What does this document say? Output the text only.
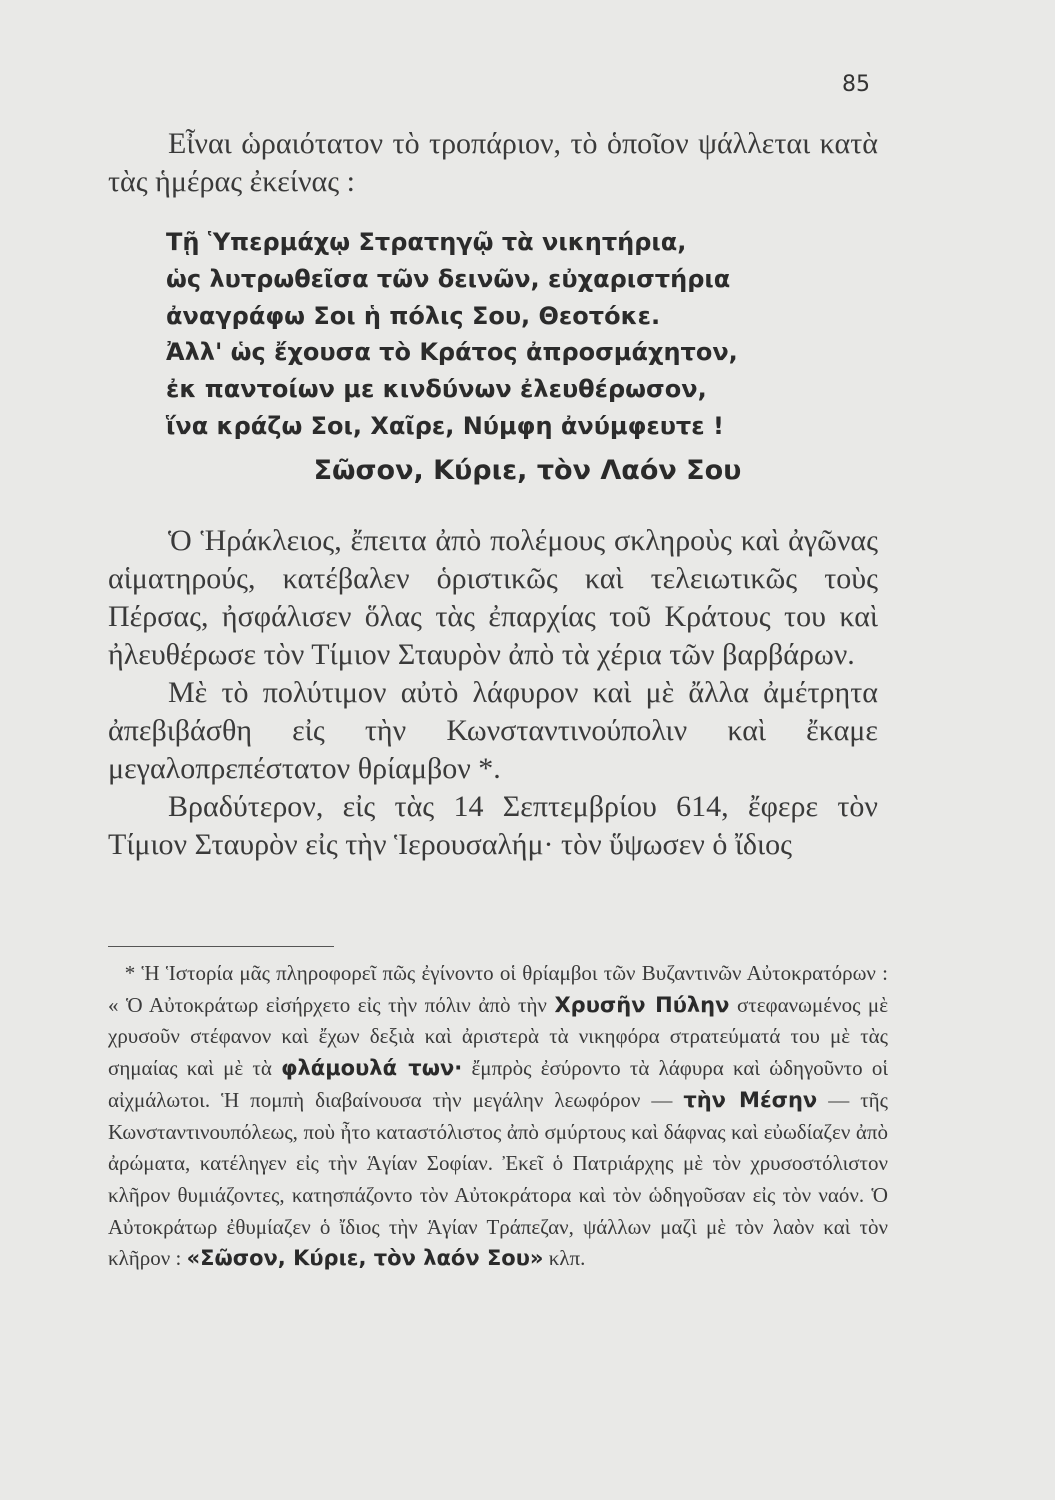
85

Εἶναι ὡραιότατον τὸ τροπάριον, τὸ ὁποῖον ψάλλεται κατὰ τὰς ἡμέρας ἐκείνας :

Τῇ Ὑπερμάχῳ Στρατηγῷ τὰ νικητήρια,
ὡς λυτρωθεῖσα τῶν δεινῶν, εὐχαριστήρια
ἀναγράφω Σοι ἡ πόλις Σου, Θεοτόκε.
Ἀλλ' ὡς ἔχουσα τὸ Κράτος ἀπροσμάχητον,
ἐκ παντοίων με κινδύνων ἐλευθέρωσον,
ἵνα κράζω Σοι, Χαῖρε, Νύμφη ἀνύμφευτε !
Σῶσον, Κύριε, τὸν Λαόν Σου

Ὁ Ἡράκλειος, ἔπειτα ἀπὸ πολέμους σκληροὺς καὶ ἀγῶνας αἱματηρούς, κατέβαλεν ὁριστικῶς καὶ τελειωτικῶς τοὺς Πέρσας, ἠσφάλισεν ὅλας τὰς ἐπαρχίας τοῦ Κράτους του καὶ ἠλευθέρωσε τὸν Τίμιον Σταυρὸν ἀπὸ τὰ χέρια τῶν βαρβάρων.

Μὲ τὸ πολύτιμον αὐτὸ λάφυρον καὶ μὲ ἄλλα ἀμέτρητα ἀπεβιβάσθη εἰς τὴν Κωνσταντινούπολιν καὶ ἔκαμε μεγαλοπρεπέστατον θρίαμβον *.

Βραδύτερον, εἰς τὰς 14 Σεπτεμβρίου 614, ἔφερε τὸν Τίμιον Σταυρὸν εἰς τὴν Ἱερουσαλήμ· τὸν ὕψωσεν ὁ ἴδιος

* Ἡ Ἱστορία μᾶς πληροφορεῖ πῶς ἐγίνοντο οἱ θρίαμβοι τῶν Βυζαντινῶν Αὐτοκρατόρων : « Ὁ Αὐτοκράτωρ εἰσήρχετο εἰς τὴν πόλιν ἀπὸ τὴν Χρυσῆν Πύλην στεφανωμένος μὲ χρυσοῦν στέφανον καὶ ἔχων δεξιὰ καὶ ἀριστερὰ τὰ νικηφόρα στρατεύματά του μὲ τὰς σημαίας καὶ μὲ τὰ φλάμουλά των· ἔμπρὸς ἐσύροντο τὰ λάφυρα καὶ ὡδηγοῦντο οἱ αἰχμάλωτοι. Ἡ πομπὴ διαβαίνουσα τὴν μεγάλην λεωφόρον — τὴν Μέσην — τῆς Κωνσταντινουπόλεως, ποὺ ἦτο καταστόλιστος ἀπὸ σμύρτους καὶ δάφνας καὶ εὐωδίαζεν ἀπὸ ἀρώματα, κατέληγεν εἰς τὴν Ἁγίαν Σοφίαν. Ἐκεῖ ὁ Πατριάρχης μὲ τὸν χρυσοστόλιστον κλῆρον θυμιάζοντες, κατησπάζοντο τὸν Αὐτοκράτορα καὶ τὸν ὡδηγοῦσαν εἰς τὸν ναόν. Ὁ Αὐτοκράτωρ ἐθυμίαζεν ὁ ἴδιος τὴν Ἁγίαν Τράπεζαν, ψάλλων μαζὶ μὲ τὸν λαὸν καὶ τὸν κλῆρον : «Σῶσον, Κύριε, τὸν λαόν Σου» κλπ.
